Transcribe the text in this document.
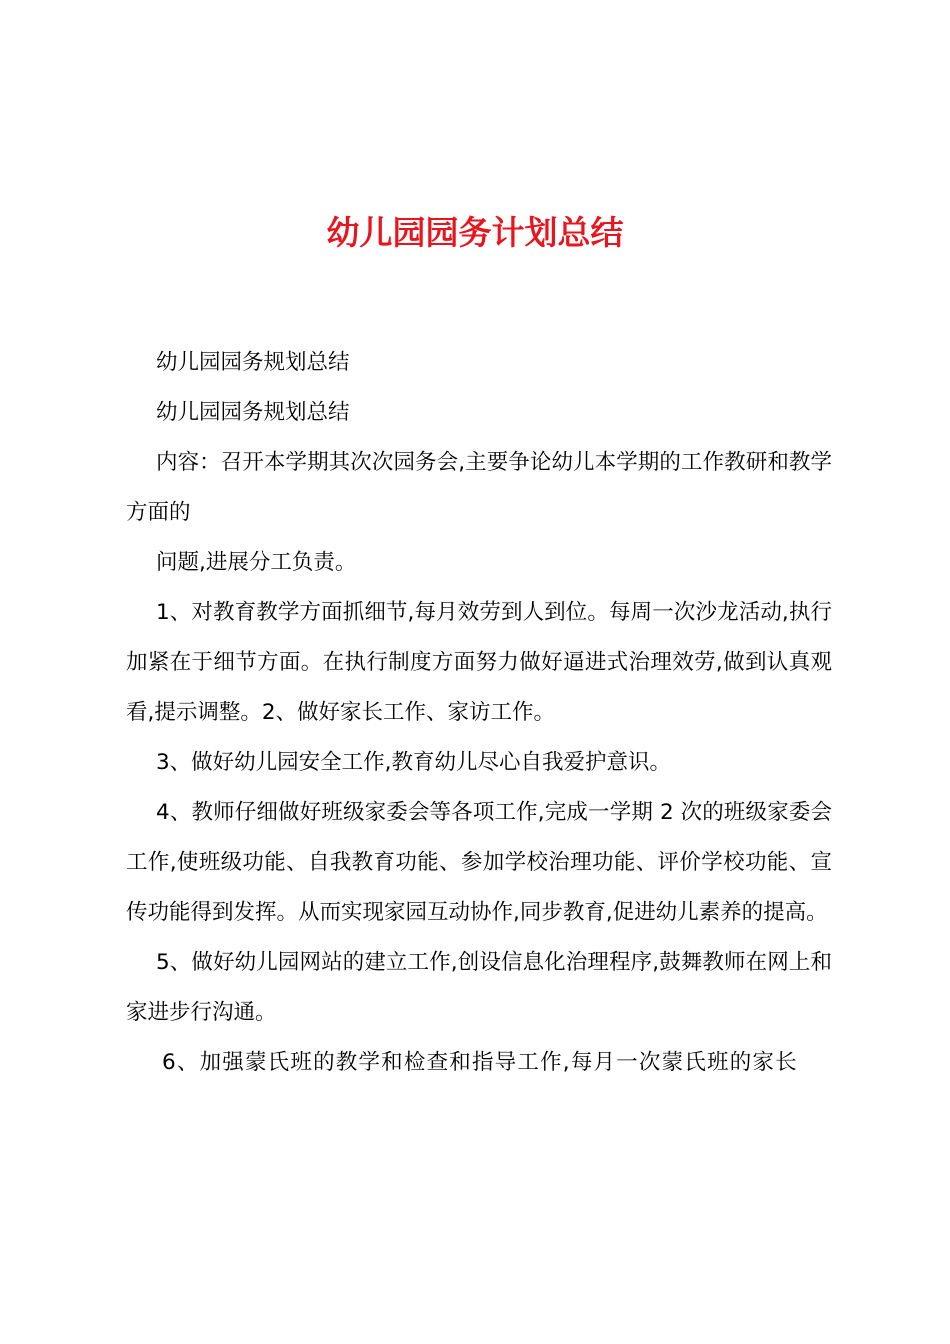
幼儿园园务计划总结

幼儿园园务规划总结

幼儿园园务规划总结

内容：召开本学期其次次园务会,主要争论幼儿本学期的工作教研和教学方面的

问题,进展分工负责。

1、对教育教学方面抓细节,每月效劳到人到位。每周一次沙龙活动,执行加紧在于细节方面。在执行制度方面努力做好逼进式治理效劳,做到认真观看,提示调整。2、做好家长工作、家访工作。

3、做好幼儿园安全工作,教育幼儿尽心自我爱护意识。

4、教师仔细做好班级家委会等各项工作,完成一学期 2 次的班级家委会工作,使班级功能、自我教育功能、参加学校治理功能、评价学校功能、宣传功能得到发挥。从而实现家园互动协作,同步教育,促进幼儿素养的提高。

5、做好幼儿园网站的建立工作,创设信息化治理程序,鼓舞教师在网上和家进步行沟通。

6、加强蒙氏班的教学和检查和指导工作,每月一次蒙氏班的家长
